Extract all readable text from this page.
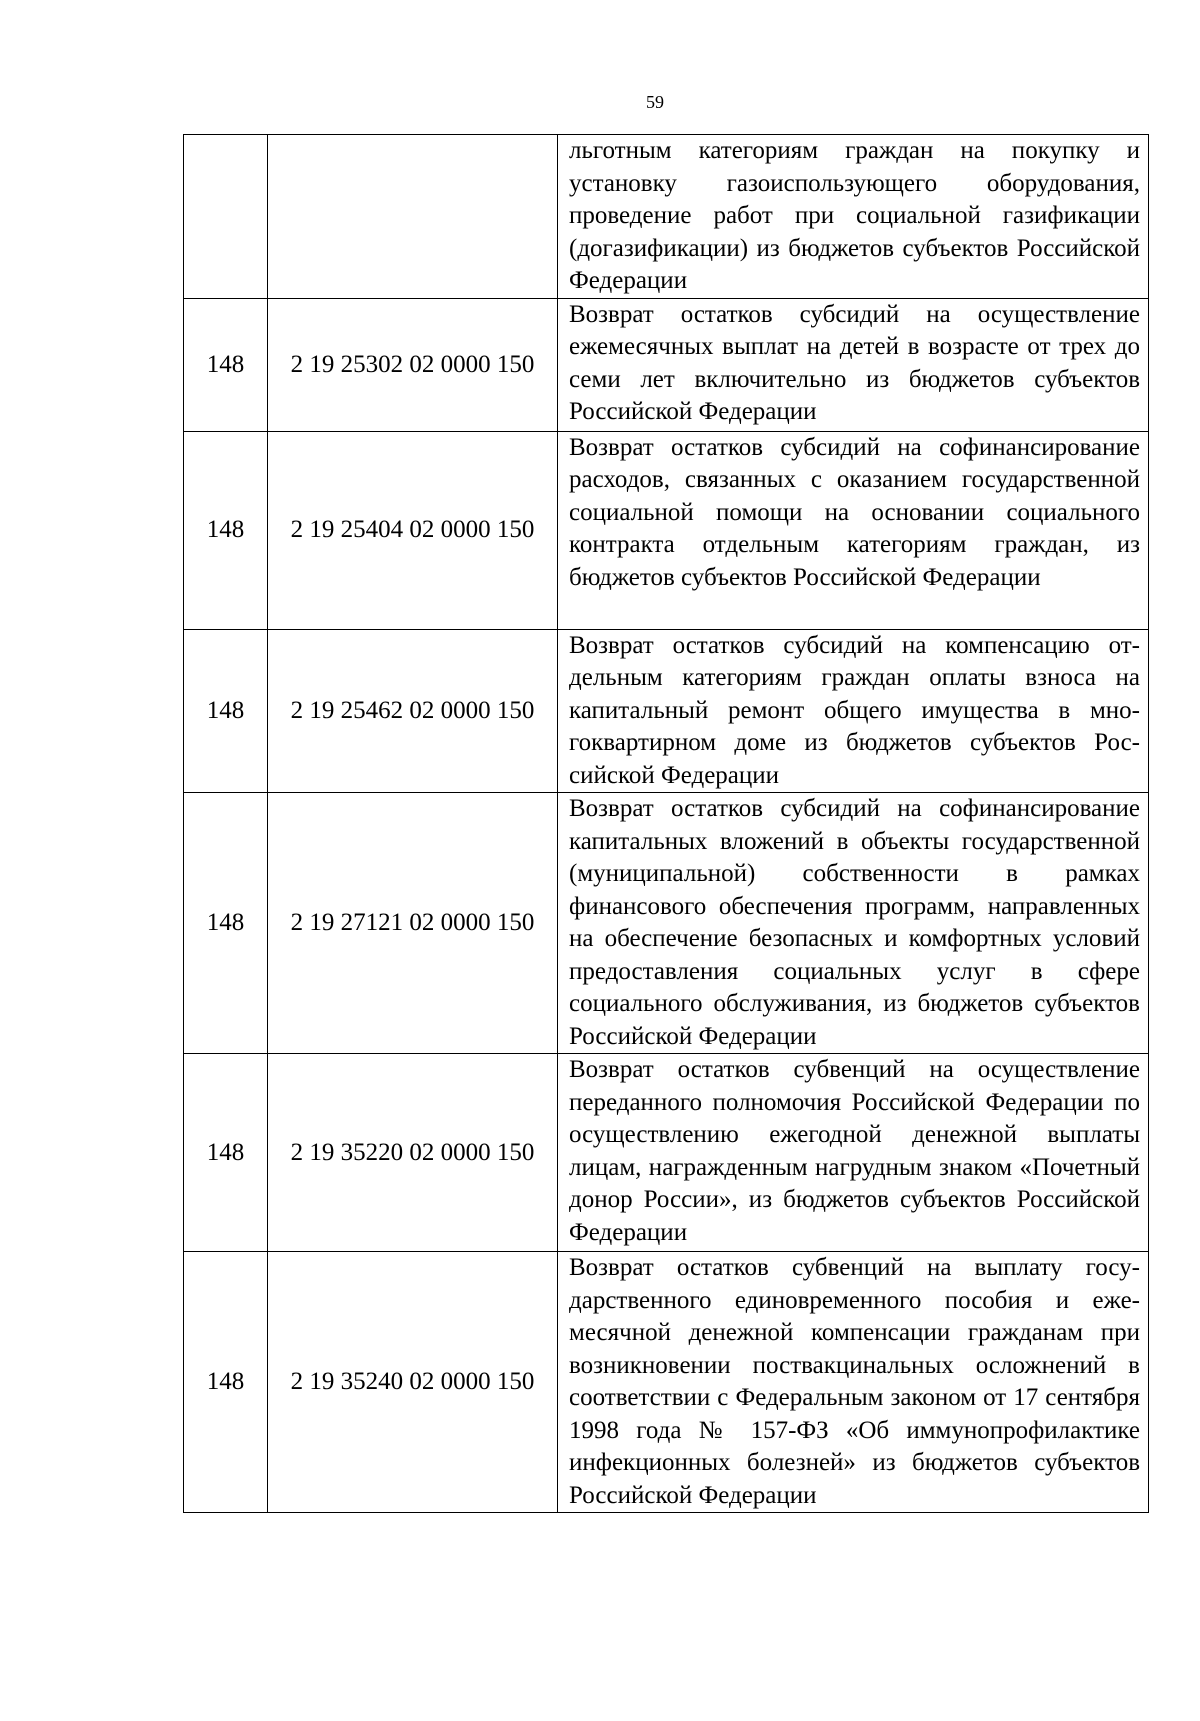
59
		льготным категориям граждан на покупку и установку газоиспользующего оборудования, проведение работ при социальной газификации (догазификации) из бюджетов субъектов Российской Федерации
148	2 19 25302 02 0000 150	Возврат остатков субсидий на осуществление ежемесячных выплат на детей в возрасте от трех до семи лет включительно из бюджетов субъектов Российской Федерации
148	2 19 25404 02 0000 150	Возврат остатков субсидий на софинансирование расходов, связанных с оказанием государственной социальной помощи на основании социального контракта отдельным категориям граждан, из бюджетов субъектов Российской Федерации
148	2 19 25462 02 0000 150	Возврат остатков субсидий на компенсацию отдельным категориям граждан оплаты взноса на капитальный ремонт общего имущества в многоквартирном доме из бюджетов субъектов Российской Федерации
148	2 19 27121 02 0000 150	Возврат остатков субсидий на софинансирование капитальных вложений в объекты государственной (муниципальной) собственности в рамках финансового обеспечения программ, направленных на обеспечение безопасных и комфортных условий предоставления социальных услуг в сфере социального обслуживания, из бюджетов субъектов Российской Федерации
148	2 19 35220 02 0000 150	Возврат остатков субвенций на осуществление переданного полномочия Российской Федерации по осуществлению ежегодной денежной выплаты лицам, награжденным нагрудным знаком «Почетный донор России», из бюджетов субъектов Российской Федерации
148	2 19 35240 02 0000 150	Возврат остатков субвенций на выплату государственного единовременного пособия и ежемесячной денежной компенсации гражданам при возникновении поствакцинальных осложнений в соответствии с Федеральным законом от 17 сентября 1998 года № 157-ФЗ «Об иммунопрофилактике инфекционных болезней» из бюджетов субъектов Российской Федерации
